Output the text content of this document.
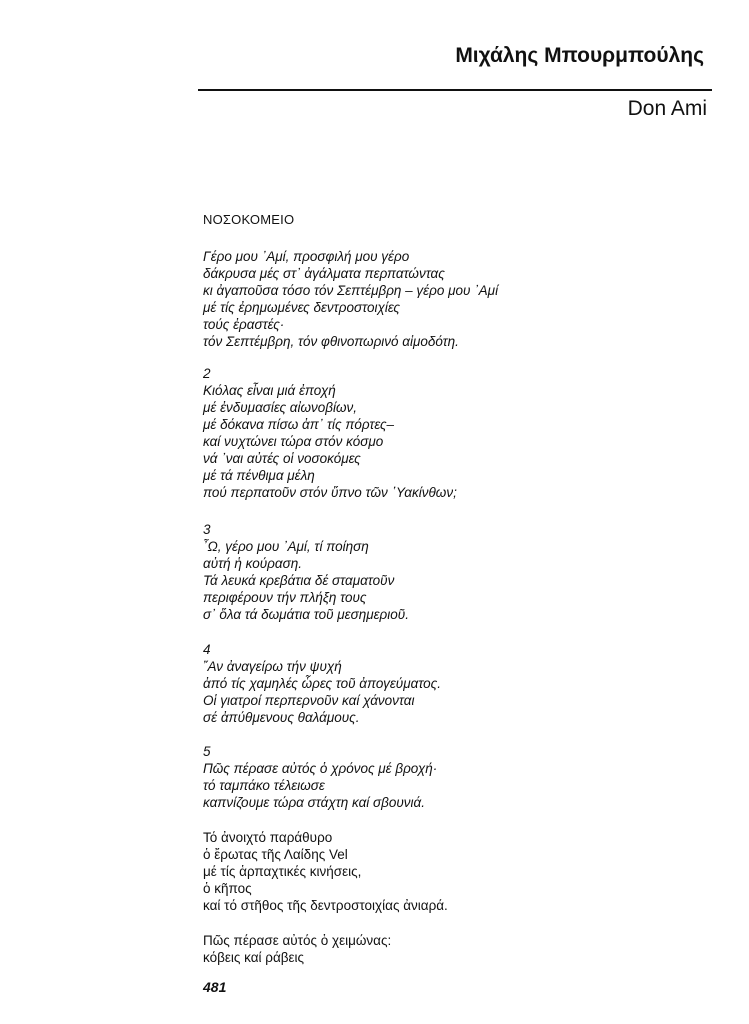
Μιχάλης Μπουρμπούλης
Don Ami
ΝΟΣΟΚΟΜΕΙΟ
Γέρο μου ᾿Αμί, προσφιλή μου γέρο
δάκρυσα μές στ᾿ ἀγάλματα περπατώντας
κι ἀγαποῦσα τόσο τόν Σεπτέμβρη – γέρο μου ᾿Αμί
μέ τίς ἐρημωμένες δεντροστοιχίες
τούς ἐραστές·
τόν Σεπτέμβρη, τόν φθινοπωρινό αἱμοδότη.
2
Κιόλας εἶναι μιά ἐποχή
μέ ἐνδυμασίες αἰωνοβίων,
μέ δόκανα πίσω ἀπ᾿ τίς πόρτες–
καί νυχτώνει τώρα στόν κόσμο
νά ᾿ναι αὐτές οἱ νοσοκόμες
μέ τά πένθιμα μέλη
πού περπατοῦν στόν ὕπνο τῶν ῾Υακίνθων;
3
῏Ω, γέρο μου ᾿Αμί, τί ποίηση
αὐτή ἡ κούραση.
Τά λευκά κρεβάτια δέ σταματοῦν
περιφέρουν τήν πλήξη τους
σ᾿ ὅλα τά δωμάτια τοῦ μεσημεριοῦ.
4
῎Αν ἀναγείρω τήν ψυχή
ἀπό τίς χαμηλές ὧρες τοῦ ἀπογεύματος.
Οἱ γιατροί περπερνοῦν καί χάνονται
σέ ἀπύθμενους θαλάμους.
5
Πῶς πέρασε αὐτός ὁ χρόνος μέ βροχή·
τό ταμπάκο τέλειωσε
καπνίζουμε τώρα στάχτη καί σβουνιά.
Τό ἀνοιχτό παράθυρο
ὁ ἔρωτας τῆς Λαίδης Vel
μέ τίς ἁρπαχτικές κινήσεις,
ὁ κῆπος
καί τό στῆθος τῆς δεντροστοιχίας ἀνιαρά.
Πῶς πέρασε αὐτός ὁ χειμώνας:
κόβεις καί ράβεις
481
